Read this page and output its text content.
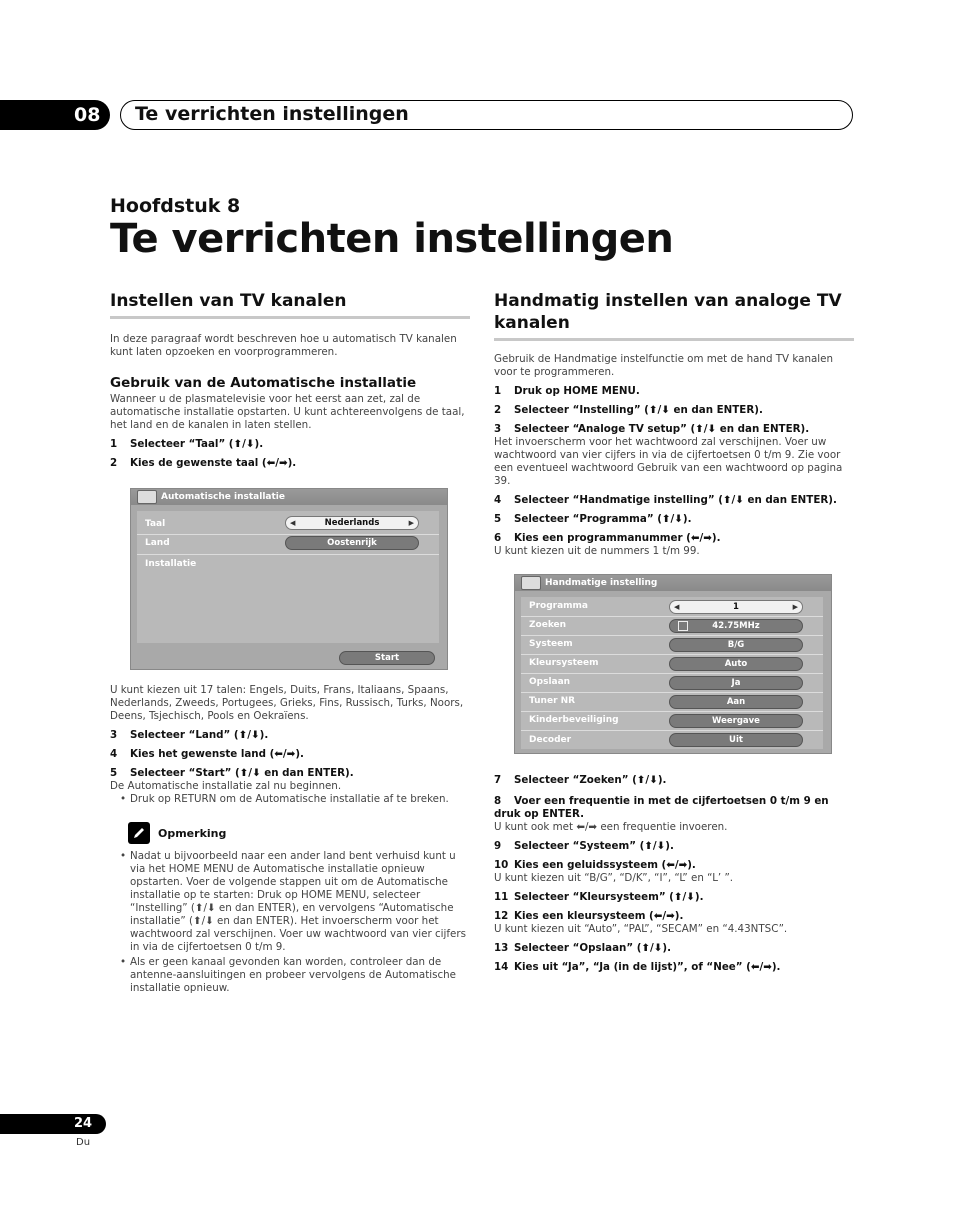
08 Te verrichten instellingen
Hoofdstuk 8
Te verrichten instellingen
Instellen van TV kanalen

In deze paragraaf wordt beschreven hoe u automatisch TV kanalen kunt laten opzoeken en voorprogrammeren.

Gebruik van de Automatische installatie

Wanneer u de plasmatelevisie voor het eerst aan zet, zal de automatische installatie opstarten. U kunt achtereenvolgens de taal, het land en de kanalen in laten stellen.

1 Selecteer “Taal” (⬆/⬇).
2 Kies de gewenste taal (⬅/➡).
Automatische installatie
Taal	◀	Nederlands	▶
Land	Oostenrijk
Installatie
Start

U kunt kiezen uit 17 talen: Engels, Duits, Frans, Italiaans, Spaans, Nederlands, Zweeds, Portugees, Grieks, Fins, Russisch, Turks, Noors, Deens, Tsjechisch, Pools en Oekraïens.

3 Selecteer “Land” (⬆/⬇).
4 Kies het gewenste land (⬅/➡).
5 Selecteer “Start” (⬆/⬇ en dan ENTER).

De Automatische installatie zal nu beginnen.

• Druk op RETURN om de Automatische installatie af te breken.
Opmerking
• Nadat u bijvoorbeeld naar een ander land bent verhuisd kunt u via het HOME MENU de Automatische installatie opnieuw opstarten. Voer de volgende stappen uit om de Automatische installatie op te starten: Druk op HOME MENU, selecteer “Instelling” (⬆/⬇ en dan ENTER), en vervolgens “Automatische installatie” (⬆/⬇ en dan ENTER). Het invoerscherm voor het wachtwoord zal verschijnen. Voer uw wachtwoord van vier cijfers in via de cijfertoetsen 0 t/m 9.
• Als er geen kanaal gevonden kan worden, controleer dan de antenne-aansluitingen en probeer vervolgens de Automatische installatie opnieuw.
Handmatig instellen van analoge TV kanalen

Gebruik de Handmatige instelfunctie om met de hand TV kanalen voor te programmeren.

1 Druk op HOME MENU.
2 Selecteer “Instelling” (⬆/⬇ en dan ENTER).
3 Selecteer “Analoge TV setup” (⬆/⬇ en dan ENTER).

Het invoerscherm voor het wachtwoord zal verschijnen. Voer uw wachtwoord van vier cijfers in via de cijfertoetsen 0 t/m 9. Zie voor een eventueel wachtwoord Gebruik van een wachtwoord op pagina 39.

4 Selecteer “Handmatige instelling” (⬆/⬇ en dan ENTER).
5 Selecteer “Programma” (⬆/⬇).
6 Kies een programmanummer (⬅/➡).

U kunt kiezen uit de nummers 1 t/m 99.

Handmatige instelling
Programma	◀	1	▶
Zoeken	42.75MHz
Systeem	B/G
Kleursysteem	Auto
Opslaan	Ja
Tuner NR	Aan
Kinderbeveiliging	Weergave
Decoder	Uit
7 Selecteer “Zoeken” (⬆/⬇).
8 Voer een frequentie in met de cijfertoetsen 0 t/m 9 en druk op ENTER.

U kunt ook met ⬅/➡ een frequentie invoeren.

9 Selecteer “Systeem” (⬆/⬇).
10 Kies een geluidssysteem (⬅/➡).

U kunt kiezen uit “B/G”, “D/K”, “I”, “L” en “L’ ”.

11 Selecteer “Kleursysteem” (⬆/⬇).
12 Kies een kleursysteem (⬅/➡).

U kunt kiezen uit “Auto”, “PAL”, “SECAM” en “4.43NTSC”.

13 Selecteer “Opslaan” (⬆/⬇).
14 Kies uit “Ja”, “Ja (in de lijst)”, of “Nee” (⬅/➡).
24
Du
